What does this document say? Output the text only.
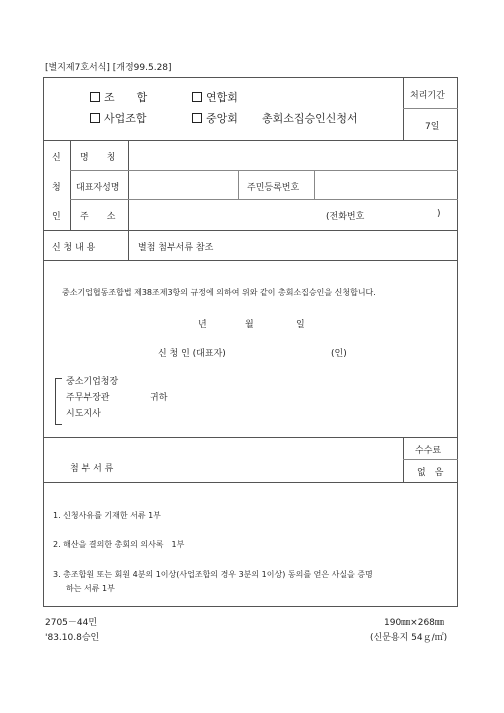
[별지제7호서식] [개정99.5.28]
조　　합	연합회
사업조합	중앙회 총회소집승인신청서
처리기간
7일
신
청
인
명　　칭
대표자성명	주민등록번호
주　　소	(전화번호	)
신 청 내 용	별첨 첨부서류 참조
중소기업협동조합법 제38조제3항의 규정에 의하여 위와 같이 총회소집승인을 신청합니다.
년	월	일
신 청 인 (대표자)	(인)
중소기업청장
주무부장관
시도지사
귀하
첨 부 서 류
수수료
없　음
1. 신청사유를 기재한 서류 1부
2. 해산을 결의한 총회의 의사록　1부
3. 총조합원 또는 회원 4분의 1이상(사업조합의 경우 3분의 1이상) 동의를 얻은 사실을 증명
하는 서류 1부
2705－44민
'83.10.8승인
190㎜×268㎜
(신문용지 54ｇ/㎡)
